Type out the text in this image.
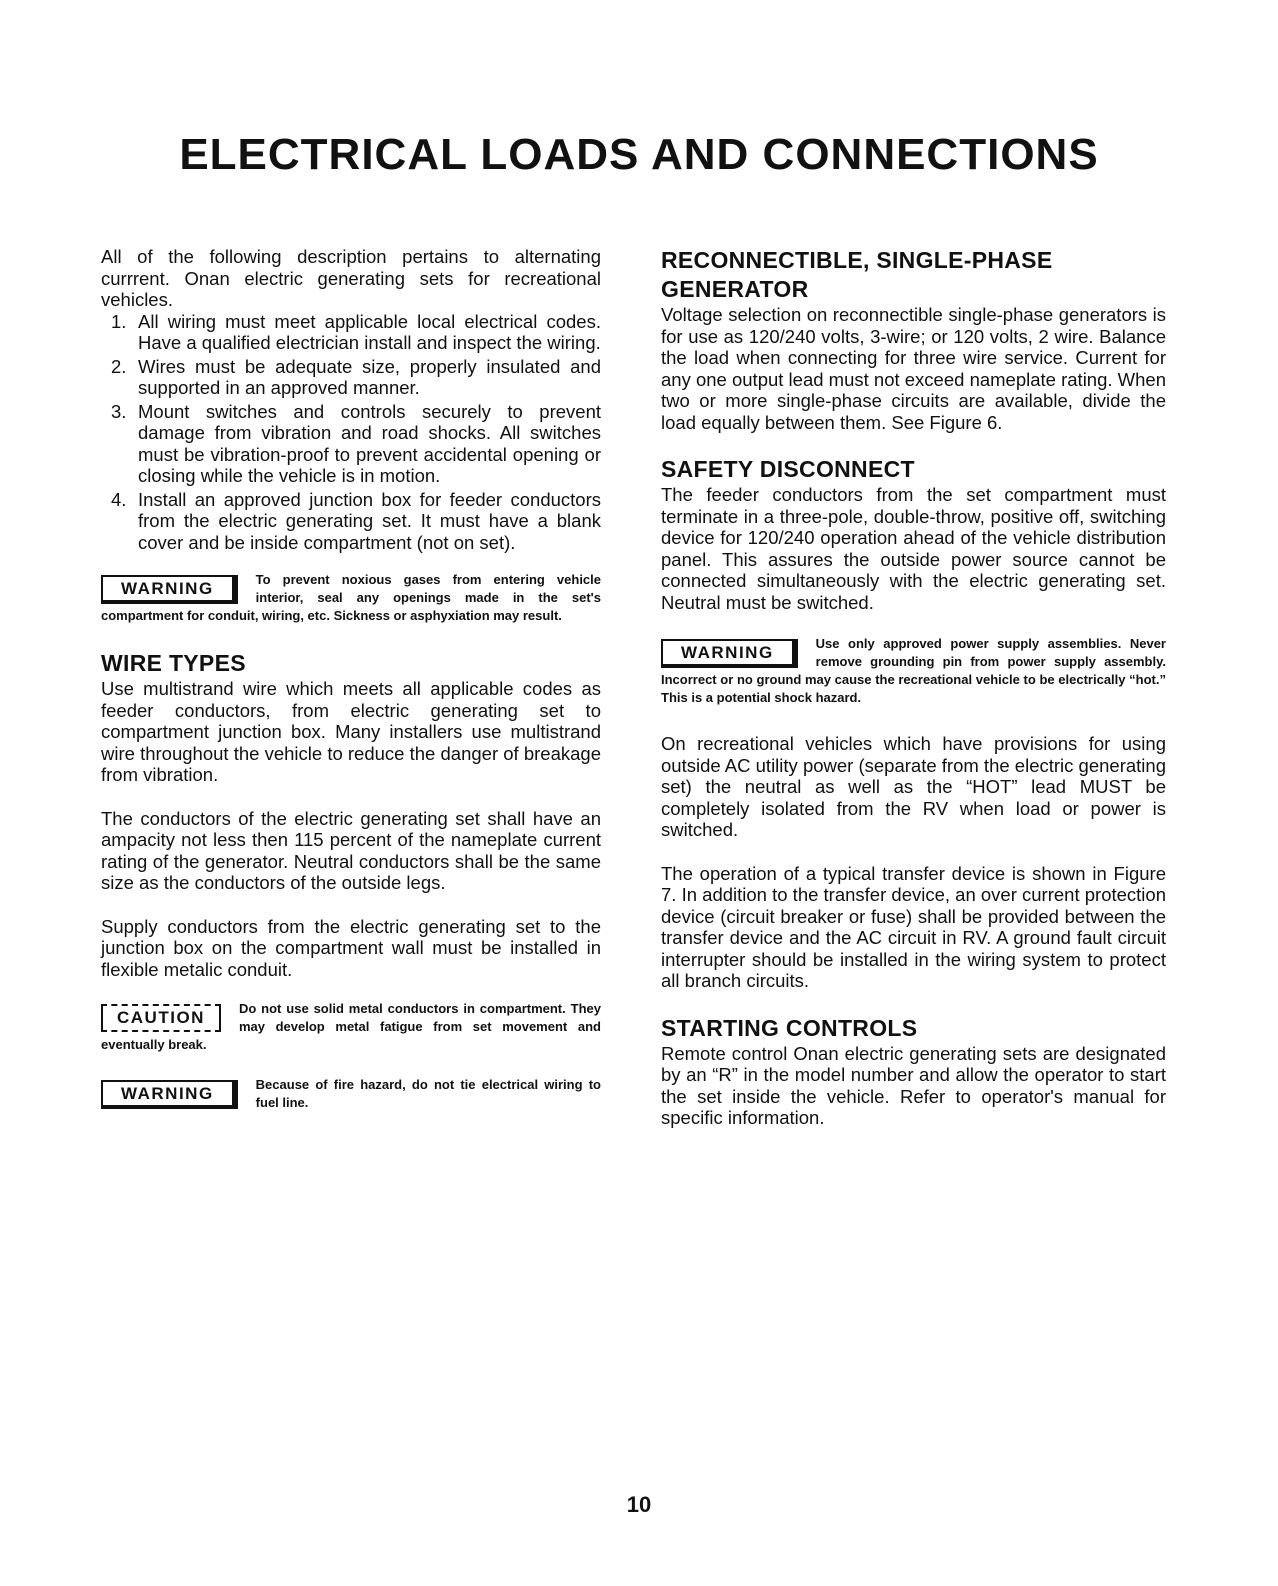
ELECTRICAL LOADS AND CONNECTIONS

All of the following description pertains to alternating currrent. Onan electric generating sets for recreational vehicles.

1. All wiring must meet applicable local electrical codes. Have a qualified electrician install and inspect the wiring.
2. Wires must be adequate size, properly insulated and supported in an approved manner.
3. Mount switches and controls securely to prevent damage from vibration and road shocks. All switches must be vibration-proof to prevent accidental opening or closing while the vehicle is in motion.
4. Install an approved junction box for feeder conductors from the electric generating set. It must have a blank cover and be inside compartment (not on set).
WARNING	To prevent noxious gases from entering vehicle interior, seal any openings made in the set's compartment for conduit, wiring, etc. Sickness or asphyxiation may result.
WIRE TYPES

Use multistrand wire which meets all applicable codes as feeder conductors, from electric generating set to compartment junction box. Many installers use multistrand wire throughout the vehicle to reduce the danger of breakage from vibration.

The conductors of the electric generating set shall have an ampacity not less then 115 percent of the nameplate current rating of the generator. Neutral conductors shall be the same size as the conductors of the outside legs.

Supply conductors from the electric generating set to the junction box on the compartment wall must be installed in flexible metalic conduit.

CAUTION	Do not use solid metal conductors in compartment. They may develop metal fatigue from set movement and eventually break.
WARNING	Because of fire hazard, do not tie electrical wiring to fuel line.
RECONNECTIBLE, SINGLE-PHASE GENERATOR

Voltage selection on reconnectible single-phase generators is for use as 120/240 volts, 3-wire; or 120 volts, 2 wire. Balance the load when connecting for three wire service. Current for any one output lead must not exceed nameplate rating. When two or more single-phase circuits are available, divide the load equally between them. See Figure 6.

SAFETY DISCONNECT

The feeder conductors from the set compartment must terminate in a three-pole, double-throw, positive off, switching device for 120/240 operation ahead of the vehicle distribution panel. This assures the outside power source cannot be connected simultaneously with the electric generating set. Neutral must be switched.

WARNING	Use only approved power supply assemblies. Never remove grounding pin from power supply assembly. Incorrect or no ground may cause the recreational vehicle to be electrically “hot.” This is a potential shock hazard.

On recreational vehicles which have provisions for using outside AC utility power (separate from the electric generating set) the neutral as well as the “HOT” lead MUST be completely isolated from the RV when load or power is switched.

The operation of a typical transfer device is shown in Figure 7. In addition to the transfer device, an over current protection device (circuit breaker or fuse) shall be provided between the transfer device and the AC circuit in RV. A ground fault circuit interrupter should be installed in the wiring system to protect all branch circuits.

STARTING CONTROLS

Remote control Onan electric generating sets are designated by an “R” in the model number and allow the operator to start the set inside the vehicle. Refer to operator's manual for specific information.

10
